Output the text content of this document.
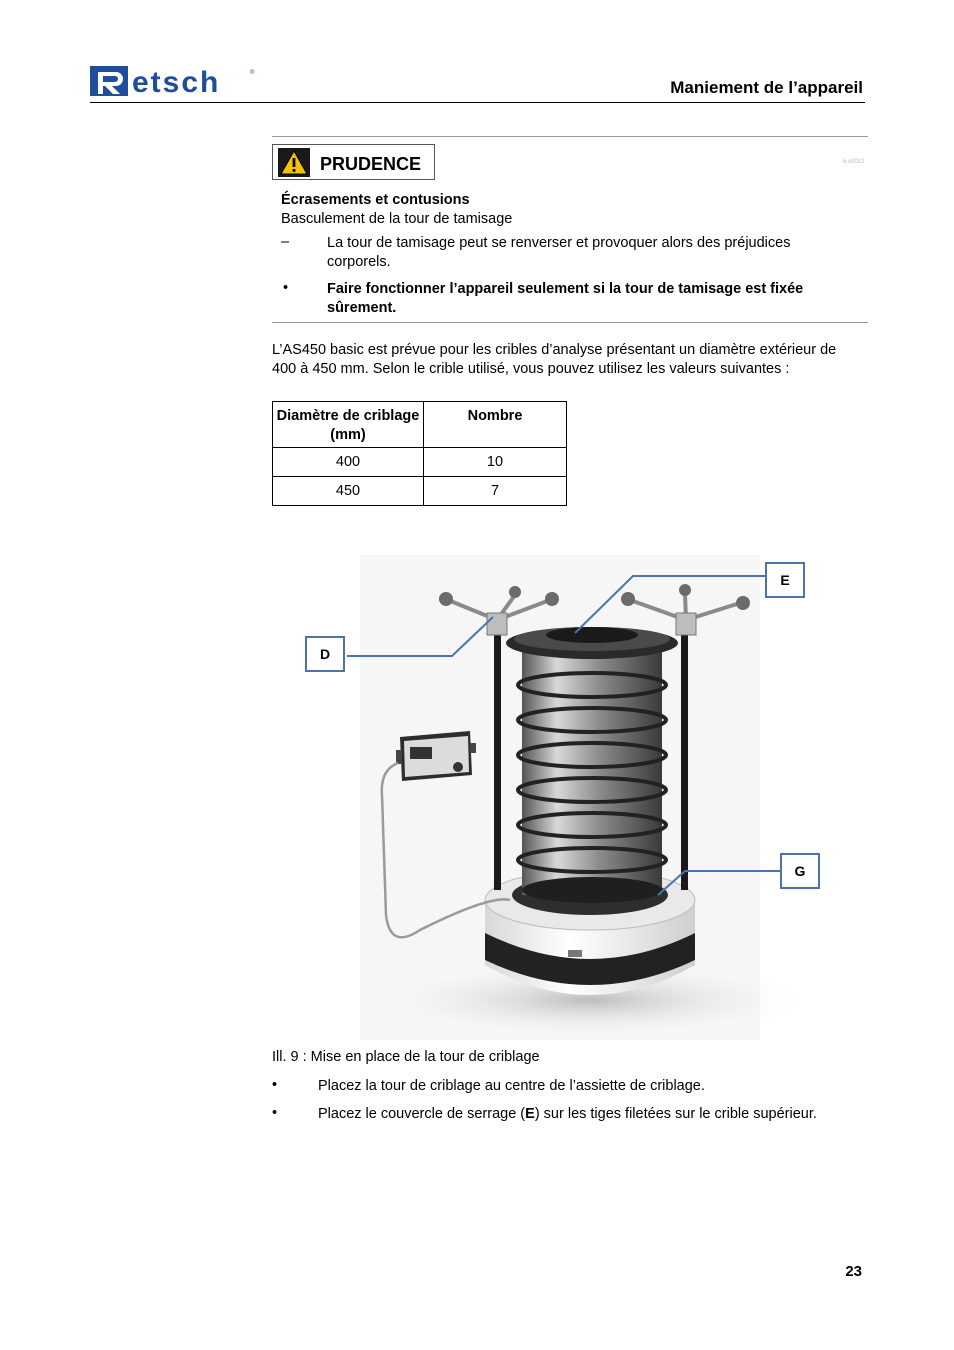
etsch	®
Maniement de l’appareil
PRUDENCE	5.v0012
Écrasements et contusions
Basculement de la tour de tamisage
–	La tour de tamisage peut se renverser et provoquer alors des préjudices corporels.
•	Faire fonctionner l’appareil seulement si la tour de tamisage est fixée sûrement.
L’AS450 basic est prévue pour les cribles d’analyse présentant un diamètre extérieur de 400 à 450 mm. Selon le crible utilisé, vous pouvez utilisez les valeurs suivantes :
Diamètre de criblage (mm)	Nombre
400	10
450	7
E
D
G
Ill. 9 : Mise en place de la tour de criblage
•	Placez la tour de criblage au centre de l’assiette de criblage.
•	Placez le couvercle de serrage (E) sur les tiges filetées sur le crible supérieur.
23
